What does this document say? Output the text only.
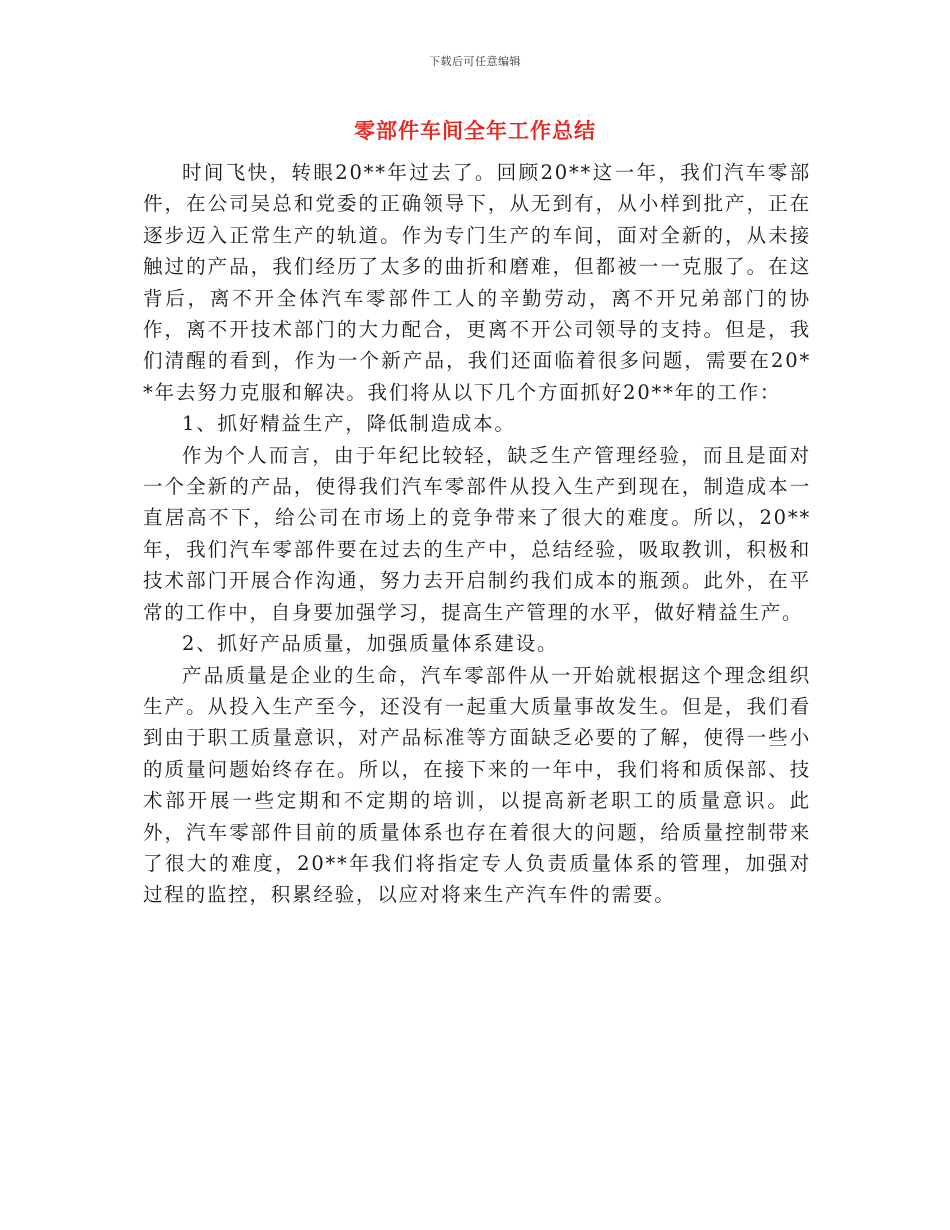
下载后可任意编辑
零部件车间全年工作总结

时间飞快，转眼20**年过去了。回顾20**这一年，我们汽车零部件，在公司吴总和党委的正确领导下，从无到有，从小样到批产，正在逐步迈入正常生产的轨道。作为专门生产的车间，面对全新的，从未接触过的产品，我们经历了太多的曲折和磨难，但都被一一克服了。在这背后，离不开全体汽车零部件工人的辛勤劳动，离不开兄弟部门的协作，离不开技术部门的大力配合，更离不开公司领导的支持。但是，我们清醒的看到，作为一个新产品，我们还面临着很多问题，需要在20**年去努力克服和解决。我们将从以下几个方面抓好20**年的工作：

1、抓好精益生产，降低制造成本。

作为个人而言，由于年纪比较轻，缺乏生产管理经验，而且是面对一个全新的产品，使得我们汽车零部件从投入生产到现在，制造成本一直居高不下，给公司在市场上的竞争带来了很大的难度。所以，20**年，我们汽车零部件要在过去的生产中，总结经验，吸取教训，积极和技术部门开展合作沟通，努力去开启制约我们成本的瓶颈。此外，在平常的工作中，自身要加强学习，提高生产管理的水平，做好精益生产。

2、抓好产品质量，加强质量体系建设。

产品质量是企业的生命，汽车零部件从一开始就根据这个理念组织生产。从投入生产至今，还没有一起重大质量事故发生。但是，我们看到由于职工质量意识，对产品标准等方面缺乏必要的了解，使得一些小的质量问题始终存在。所以，在接下来的一年中，我们将和质保部、技术部开展一些定期和不定期的培训，以提高新老职工的质量意识。此外，汽车零部件目前的质量体系也存在着很大的问题，给质量控制带来了很大的难度，20**年我们将指定专人负责质量体系的管理，加强对过程的监控，积累经验，以应对将来生产汽车件的需要。
